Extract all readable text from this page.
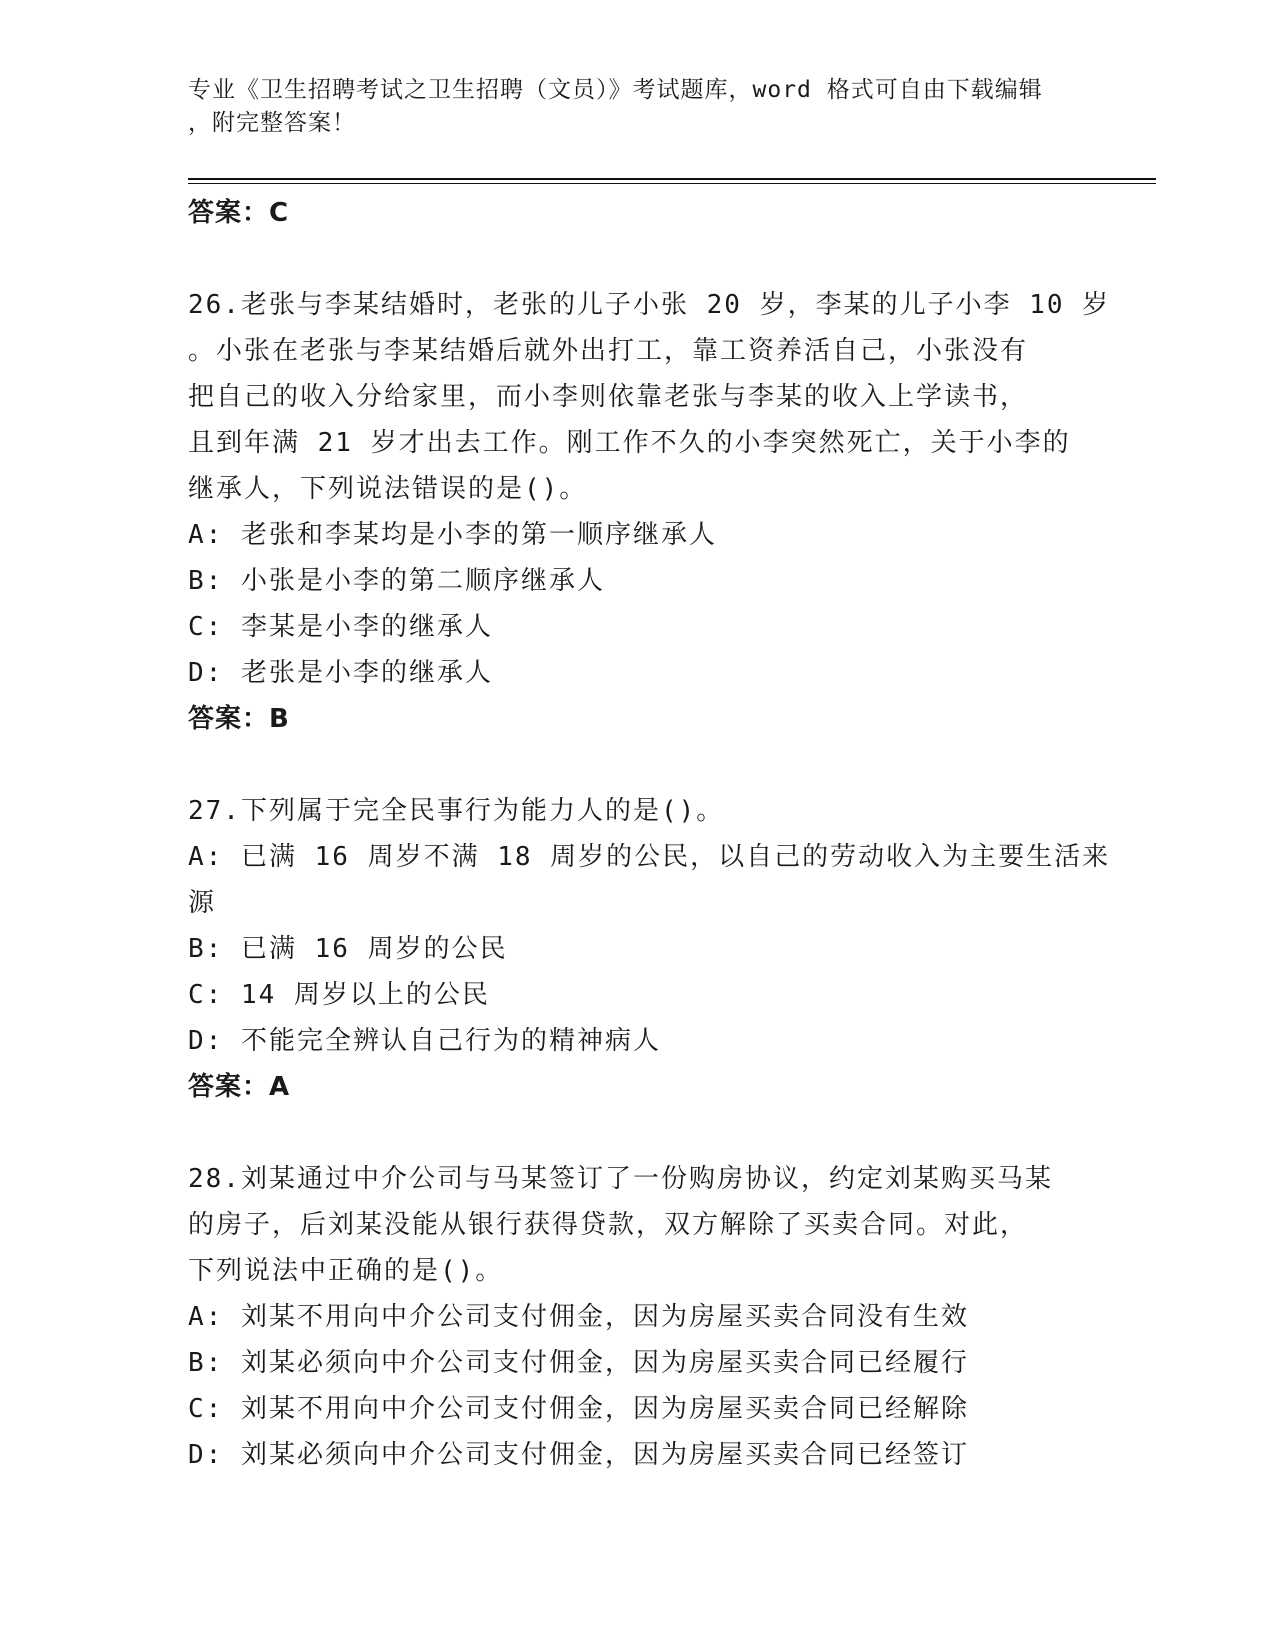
专业《卫生招聘考试之卫生招聘（文员）》考试题库，word 格式可自由下载编辑
，附完整答案！
答案：C
26.老张与李某结婚时，老张的儿子小张 20 岁，李某的儿子小李 10 岁
。小张在老张与李某结婚后就外出打工，靠工资养活自己，小张没有
把自己的收入分给家里，而小李则依靠老张与李某的收入上学读书，
且到年满 21 岁才出去工作。刚工作不久的小李突然死亡，关于小李的
继承人，下列说法错误的是()。
A: 老张和李某均是小李的第一顺序继承人
B: 小张是小李的第二顺序继承人
C: 李某是小李的继承人
D: 老张是小李的继承人
答案：B
27.下列属于完全民事行为能力人的是()。
A: 已满 16 周岁不满 18 周岁的公民，以自己的劳动收入为主要生活来
源
B: 已满 16 周岁的公民
C: 14 周岁以上的公民
D: 不能完全辨认自己行为的精神病人
答案：A
28.刘某通过中介公司与马某签订了一份购房协议，约定刘某购买马某
的房子，后刘某没能从银行获得贷款，双方解除了买卖合同。对此，
下列说法中正确的是()。
A: 刘某不用向中介公司支付佣金，因为房屋买卖合同没有生效
B: 刘某必须向中介公司支付佣金，因为房屋买卖合同已经履行
C: 刘某不用向中介公司支付佣金，因为房屋买卖合同已经解除
D: 刘某必须向中介公司支付佣金，因为房屋买卖合同已经签订
